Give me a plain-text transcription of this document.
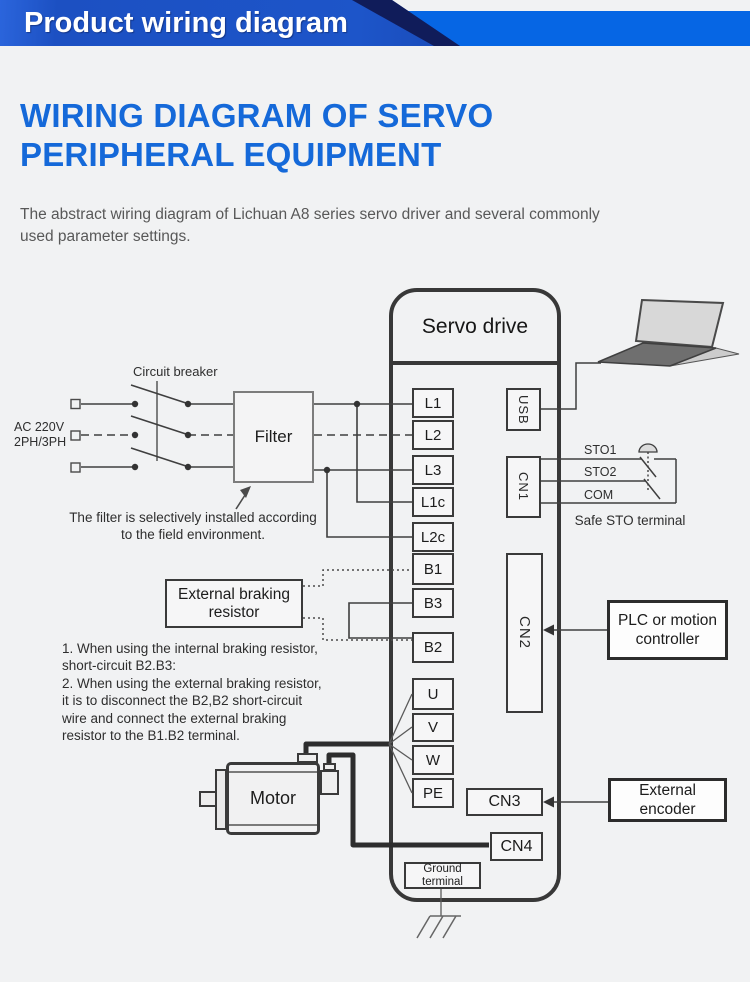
Product wiring diagram
WIRING DIAGRAM OF SERVO
PERIPHERAL EQUIPMENT

The abstract wiring diagram of Lichuan A8 series servo driver and several commonly
used parameter settings.

Servo drive
L1
L2
L3
L1c
L2c
B1
B3
B2
U
V
W
PE
USB
CN1
CN2
CN3
CN4
Filter
External braking
resistor	PLC or motion
controller
External
encoder
Ground
terminal
Motor
Circuit breaker
AC 220V
2PH/3PH
The filter is selectively installed according
to the field environment.
1. When using the internal braking resistor,
short-circuit B2.B3:
2. When using the external braking resistor,
it is to disconnect the B2,B2 short-circuit
wire and connect the external braking
resistor to the B1.B2 terminal.
STO1
STO2
COM
Safe STO terminal
